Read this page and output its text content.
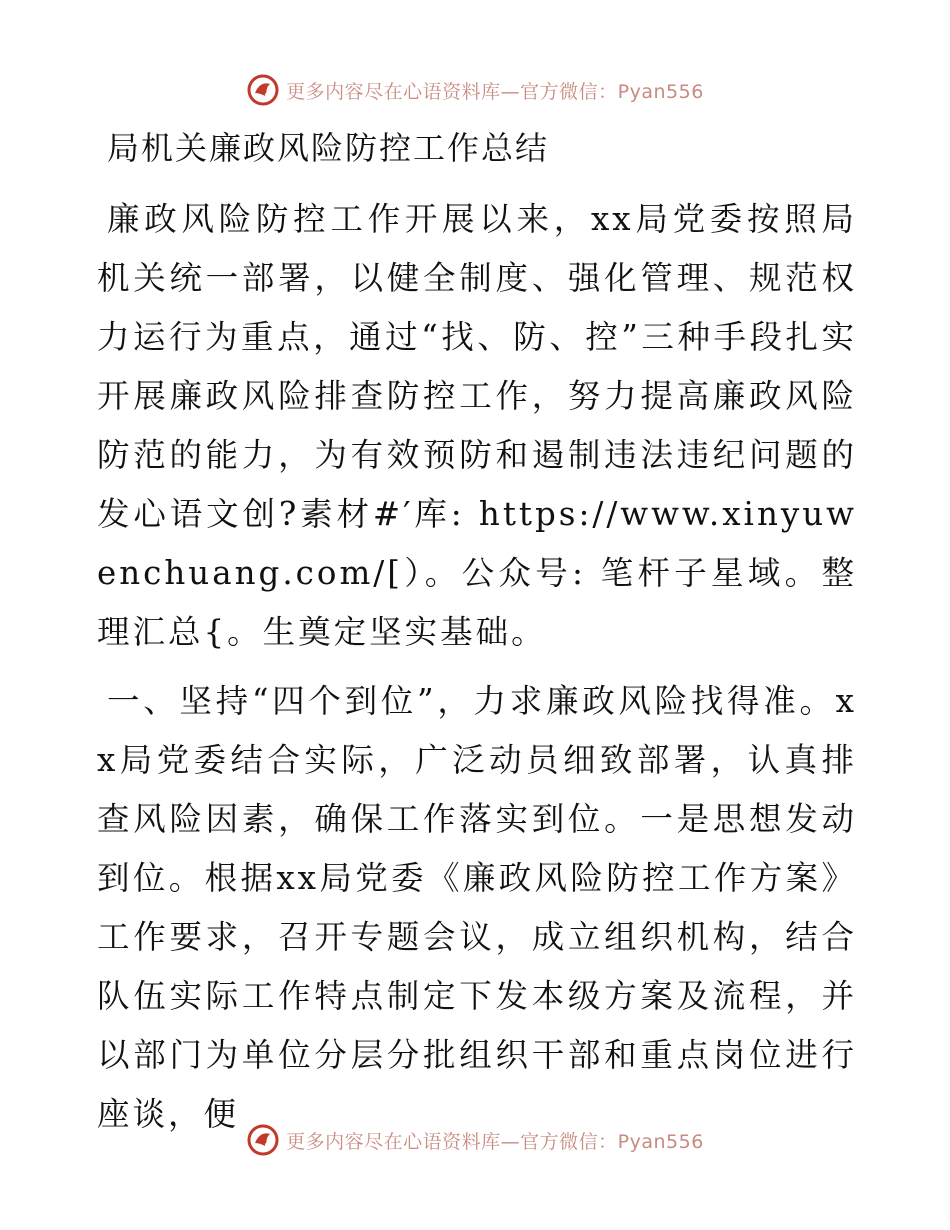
更多内容尽在心语资料库—官方微信：Pyan556
局机关廉政风险防控工作总结

廉政风险防控工作开展以来，xx局党委按照局机关统一部署，以健全制度、强化管理、规范权力运行为重点，通过“找、防、控”三种手段扎实开展廉政风险排查防控工作，努力提高廉政风险防范的能力，为有效预防和遏制违法违纪问题的发心语文创?素材#′库: https://www.xinyuwenchuang.com/[）。公众号: 笔杆子星域。整理汇总{。生奠定坚实基础。

一、坚持“四个到位”，力求廉政风险找得准。xx局党委结合实际，广泛动员细致部署，认真排查风险因素，确保工作落实到位。一是思想发动到位。根据xx局党委《廉政风险防控工作方案》工作要求，召开专题会议，成立组织机构，结合队伍实际工作特点制定下发本级方案及流程，并以部门为单位分层分批组织干部和重点岗位进行座谈，便

更多内容尽在心语资料库—官方微信：Pyan556
